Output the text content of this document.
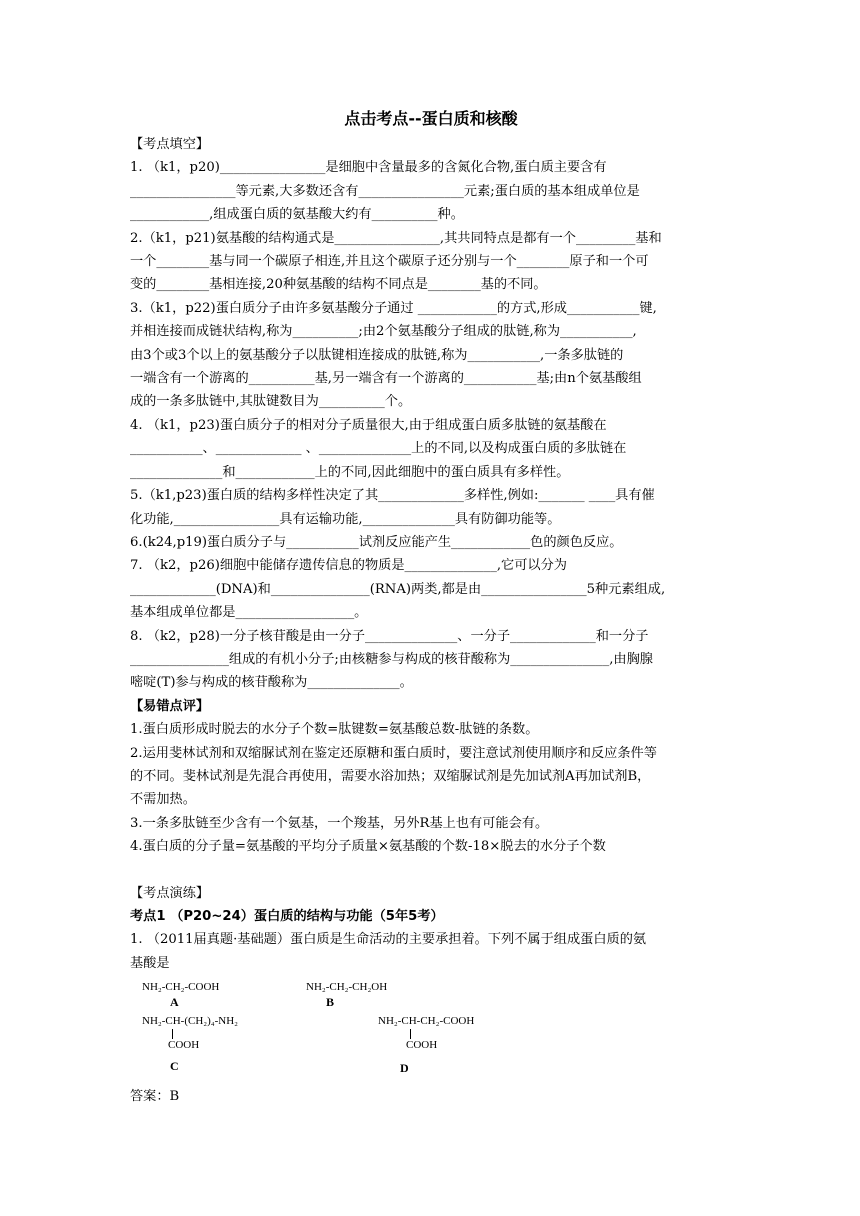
点击考点--蛋白质和核酸
【考点填空】
1. （k1，p20)________________是细胞中含量最多的含氮化合物,蛋白质主要含有
________________等元素,大多数还含有________________元素;蛋白质的基本组成单位是
____________,组成蛋白质的氨基酸大约有__________种。
2.（k1，p21)氨基酸的结构通式是________________,其共同特点是都有一个_________基和
一个________基与同一个碳原子相连,并且这个碳原子还分别与一个________原子和一个可
变的________基相连接,20种氨基酸的结构不同点是________基的不同。
3.（k1，p22)蛋白质分子由许多氨基酸分子通过 ____________的方式,形成___________键,
并相连接而成链状结构,称为__________;由2个氨基酸分子组成的肽链,称为___________,
由3个或3个以上的氨基酸分子以肽键相连接成的肽链,称为___________,一条多肽链的
一端含有一个游离的__________基,另一端含有一个游离的___________基;由n个氨基酸组
成的一条多肽链中,其肽键数目为__________个。
4. （k1，p23)蛋白质分子的相对分子质量很大,由于组成蛋白质多肽链的氨基酸在
___________、_____________ 、______________上的不同,以及构成蛋白质的多肽链在
______________和____________上的不同,因此细胞中的蛋白质具有多样性。
5.（k1,p23)蛋白质的结构多样性决定了其_____________多样性,例如:_______ ____具有催
化功能,________________具有运输功能,______________具有防御功能等。
6.(k24,p19)蛋白质分子与___________试剂反应能产生____________色的颜色反应。
7. （k2，p26)细胞中能储存遗传信息的物质是______________,它可以分为
_____________(DNA)和_______________(RNA)两类,都是由________________5种元素组成,
基本组成单位都是__________________。
8. （k2，p28)一分子核苷酸是由一分子______________、一分子_____________和一分子
_______________组成的有机小分子;由核糖参与构成的核苷酸称为_______________,由胸腺
嘧啶(T)参与构成的核苷酸称为______________。
【易错点评】
1.蛋白质形成时脱去的水分子个数=肽键数=氨基酸总数-肽链的条数。
2.运用斐林试剂和双缩脲试剂在鉴定还原糖和蛋白质时，要注意试剂使用顺序和反应条件等
的不同。斐林试剂是先混合再使用，需要水浴加热；双缩脲试剂是先加试剂A再加试剂B，
不需加热。
3.一条多肽链至少含有一个氨基，一个羧基，另外R基上也有可能会有。
4.蛋白质的分子量=氨基酸的平均分子质量×氨基酸的个数-18×脱去的水分子个数
【考点演练】
考点1 （P20~24）蛋白质的结构与功能（5年5考）
1. （2011届真题·基础题）蛋白质是生命活动的主要承担着。下列不属于组成蛋白质的氨
基酸是
NH₂-CH₂-COOH
A
NH₂-CH₂-CH₂OH
B
NH₂-CH-(CH₂)₄-NH₂
COOH
C
NH₂-CH-CH₂-COOH
COOH
D
答案：B
